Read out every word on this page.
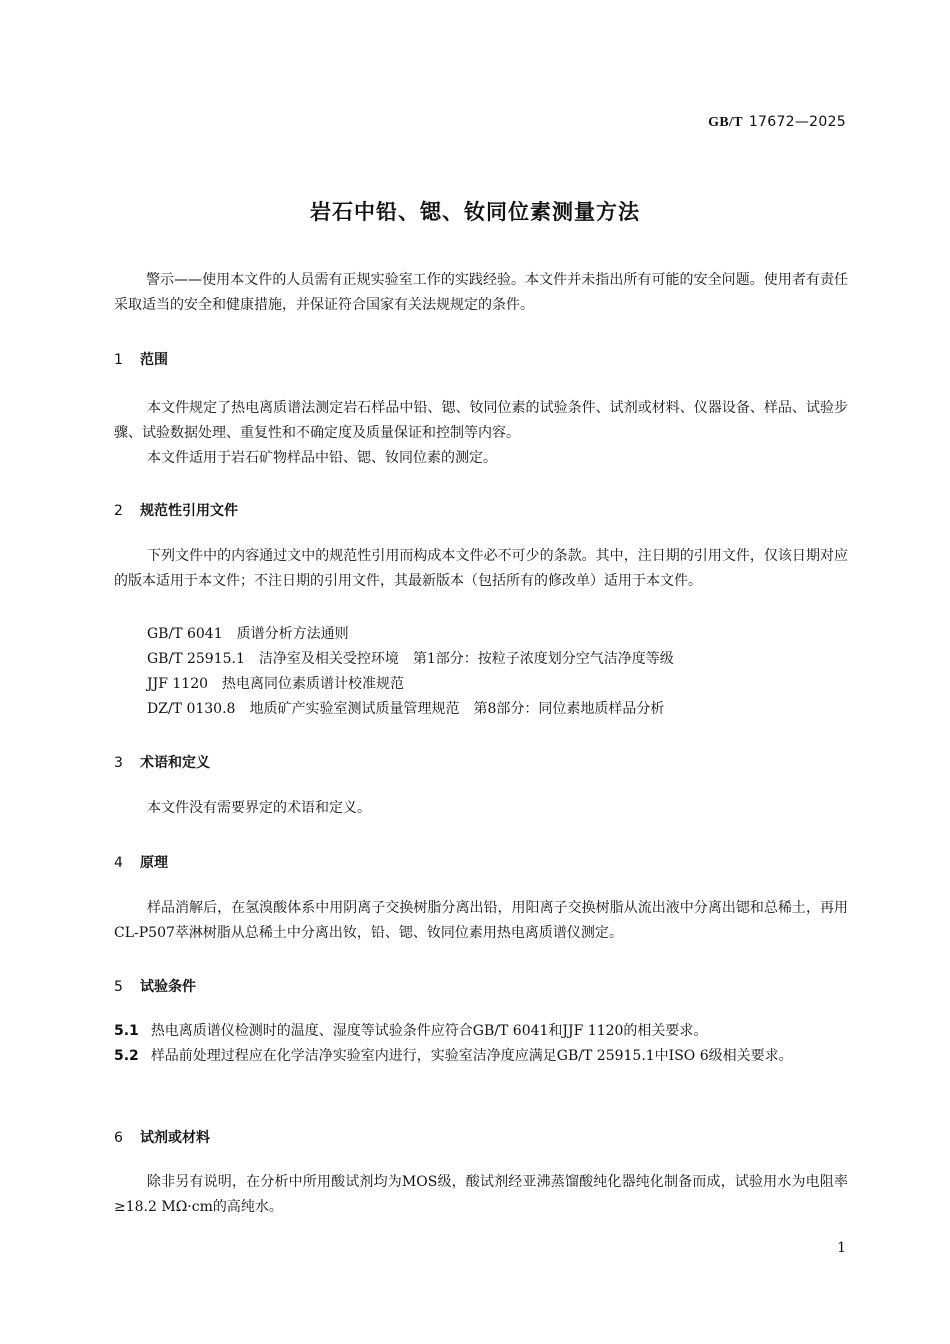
GB/T 17672—2025
岩石中铅、锶、钕同位素测量方法

警示——使用本文件的人员需有正规实验室工作的实践经验。本文件并未指出所有可能的安全问题。使用者有责任采取适当的安全和健康措施，并保证符合国家有关法规规定的条件。

1 范围

本文件规定了热电离质谱法测定岩石样品中铅、锶、钕同位素的试验条件、试剂或材料、仪器设备、样品、试验步骤、试验数据处理、重复性和不确定度及质量保证和控制等内容。

本文件适用于岩石矿物样品中铅、锶、钕同位素的测定。

2 规范性引用文件

下列文件中的内容通过文中的规范性引用而构成本文件必不可少的条款。其中，注日期的引用文件，仅该日期对应的版本适用于本文件；不注日期的引用文件，其最新版本（包括所有的修改单）适用于本文件。

GB/T 6041 质谱分析方法通则
GB/T 25915.1 洁净室及相关受控环境　第1部分：按粒子浓度划分空气洁净度等级
JJF 1120 热电离同位素质谱计校准规范
DZ/T 0130.8 地质矿产实验室测试质量管理规范　第8部分：同位素地质样品分析
3 术语和定义

本文件没有需要界定的术语和定义。

4 原理

样品消解后，在氢溴酸体系中用阴离子交换树脂分离出铅，用阳离子交换树脂从流出液中分离出锶和总稀土，再用CL-P507萃淋树脂从总稀土中分离出钕，铅、锶、钕同位素用热电离质谱仪测定。

5 试验条件
5.1 热电离质谱仪检测时的温度、湿度等试验条件应符合GB/T 6041和JJF 1120的相关要求。
5.2 样品前处理过程应在化学洁净实验室内进行，实验室洁净度应满足GB/T 25915.1中ISO 6级相关要求。
6 试剂或材料

除非另有说明，在分析中所用酸试剂均为MOS级，酸试剂经亚沸蒸馏酸纯化器纯化制备而成，试验用水为电阻率≥18.2 MΩ·cm的高纯水。

1
